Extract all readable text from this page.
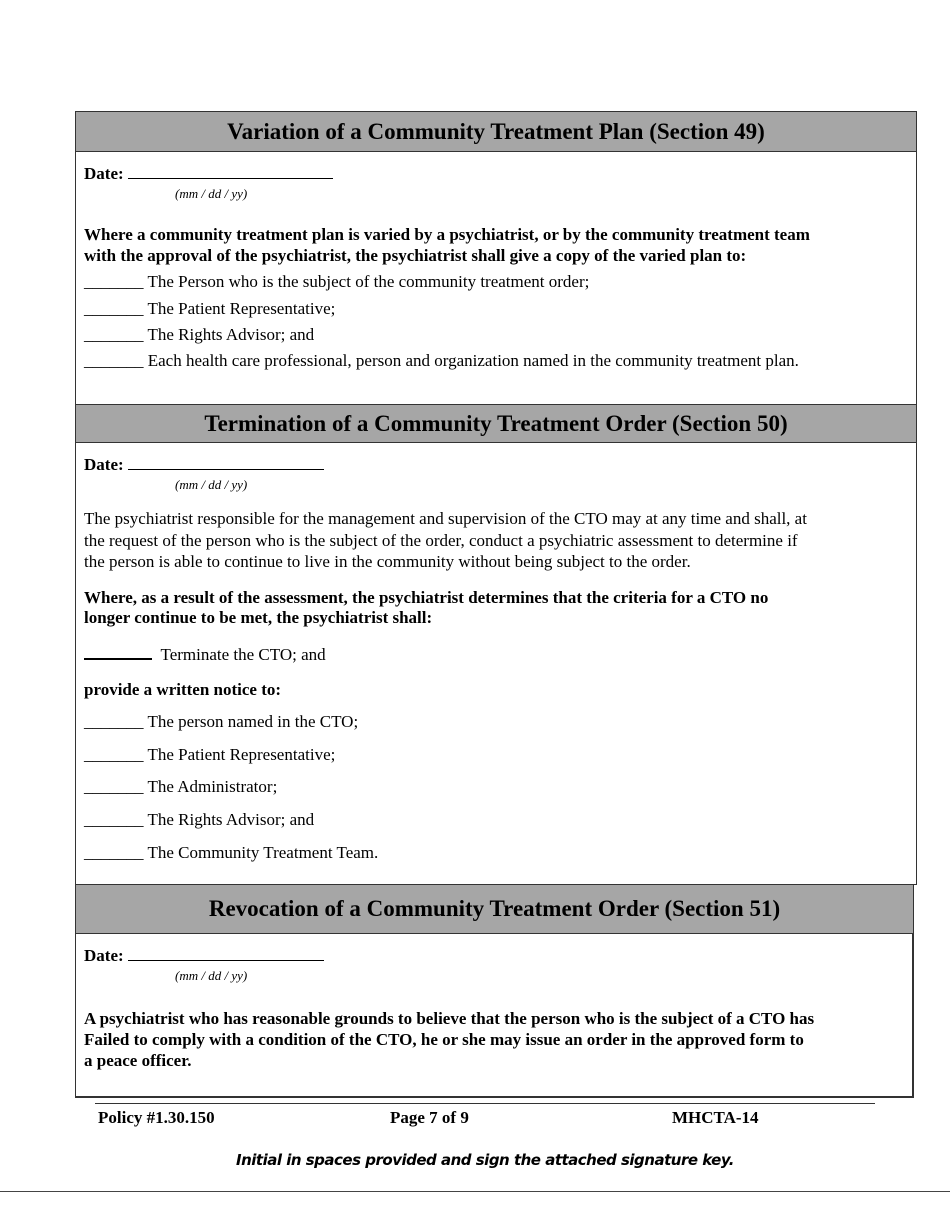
Variation of a Community Treatment Plan (Section 49)
Date:
(mm / dd / yy)
Where a community treatment plan is varied by a psychiatrist, or by the community treatment team
with the approval of the psychiatrist, the psychiatrist shall give a copy of the varied plan to:
_______ The Person who is the subject of the community treatment order;
_______ The Patient Representative;
_______ The Rights Advisor; and
_______ Each health care professional, person and organization named in the community treatment plan.
Termination of a Community Treatment Order (Section 50)
Date:
(mm / dd / yy)
The psychiatrist responsible for the management and supervision of the CTO may at any time and shall, at
the request of the person who is the subject of the order, conduct a psychiatric assessment to determine if
the person is able to continue to live in the community without being subject to the order.
Where, as a result of the assessment, the psychiatrist determines that the criteria for a CTO no
longer continue to be met, the psychiatrist shall:
Terminate the CTO; and
provide a written notice to:
_______ The person named in the CTO;
_______ The Patient Representative;
_______ The Administrator;
_______ The Rights Advisor; and
_______ The Community Treatment Team.
Revocation of a Community Treatment Order (Section 51)
Date:
(mm / dd / yy)
A psychiatrist who has reasonable grounds to believe that the person who is the subject of a CTO has
Failed to comply with a condition of the CTO, he or she may issue an order in the approved form to
a peace officer.
Policy #1.30.150	Page 7 of 9	MHCTA-14
Initial in spaces provided and sign the attached signature key.
